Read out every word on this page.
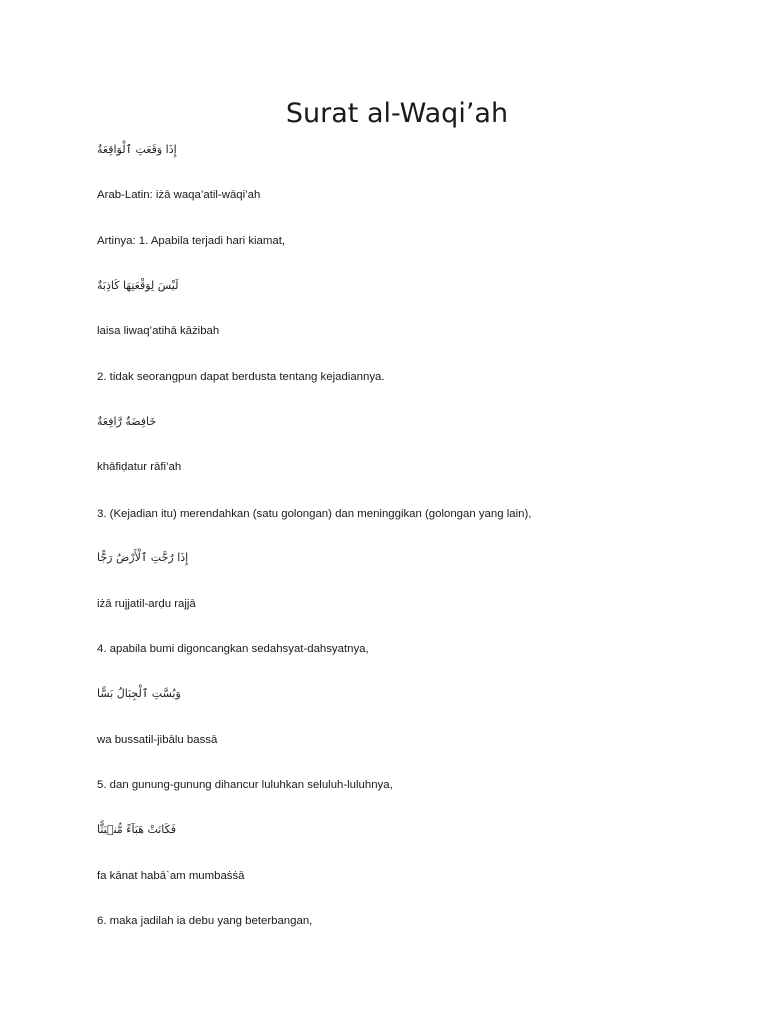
Surat al-Waqi’ah
إِذَا وَقَعَتِ ٱلْوَاقِعَةُ
Arab-Latin: iżā waqa’atil-wāqi’ah
Artinya: 1. Apabila terjadi hari kiamat,
لَيْسَ لِوَقْعَتِهَا كَاذِبَةٌ
laisa liwaq’atihā kāżibah
2. tidak seorangpun dapat berdusta tentang kejadiannya.
خَافِضَةٌ رَّافِعَةٌ
khāfiḍatur rāfi’ah
3. (Kejadian itu) merendahkan (satu golongan) dan meninggikan (golongan yang lain),
إِذَا رُجَّتِ ٱلْأَرْضُ رَجًّا
iżā rujjatil-arḍu rajjā
4. apabila bumi digoncangkan sedahsyat-dahsyatnya,
وَبُسَّتِ ٱلْجِبَالُ بَسًّا
wa bussatil-jibālu bassā
5. dan gunung-gunung dihancur luluhkan seluluh-luluhnya,
فَكَانَتْ هَبَآءً مُّنۢبَثًّا
fa kānat habā`am mumbaṡṡā
6. maka jadilah ia debu yang beterbangan,
